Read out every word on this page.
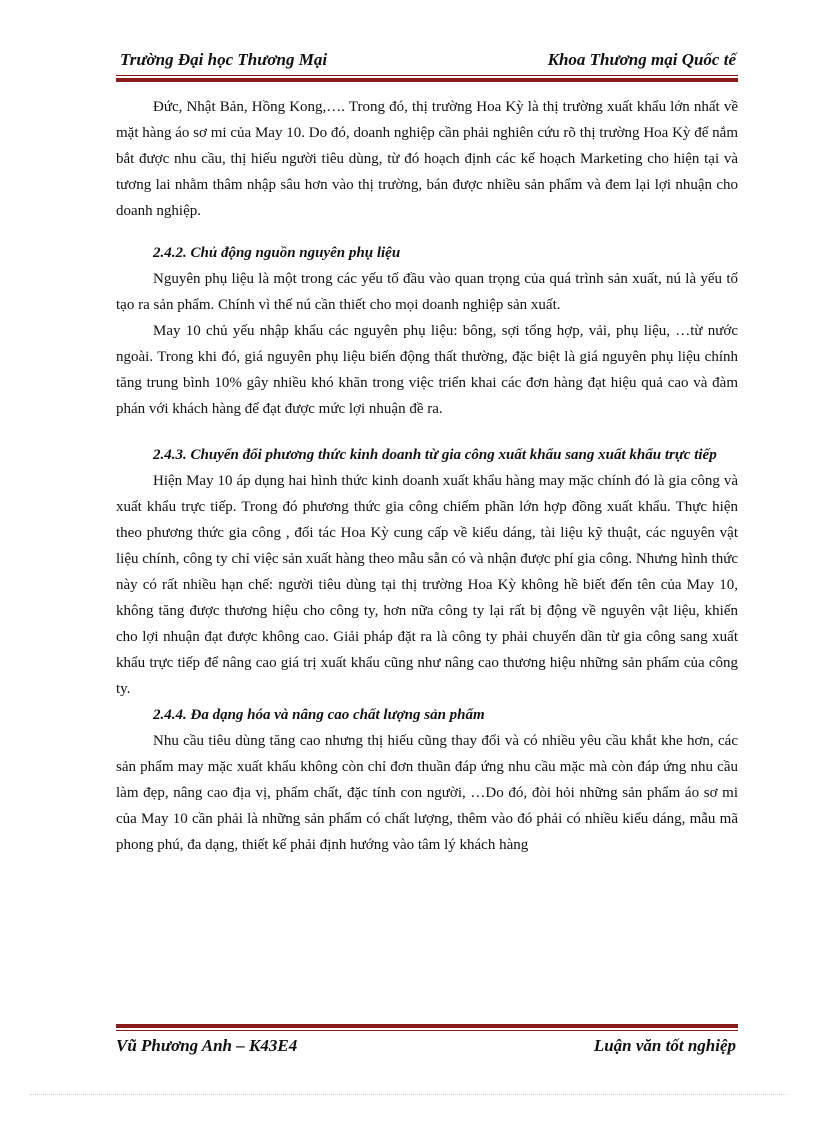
Trường Đại học Thương Mại	Khoa Thương mại Quốc tế

Đức, Nhật Bản, Hồng Kong,…. Trong đó, thị trường Hoa Kỳ là thị trường xuất khẩu lớn nhất về mặt hàng áo sơ mi của May 10. Do đó, doanh nghiệp cần phải nghiên cứu rõ thị trường Hoa Kỳ để nắm bắt được nhu cầu, thị hiếu người tiêu dùng, từ đó hoạch định các kế hoạch Marketing cho hiện tại và tương lai nhằm thâm nhập sâu hơn vào thị trường, bán được nhiều sản phẩm và đem lại lợi nhuận cho doanh nghiệp.

2.4.2. Chủ động nguồn nguyên phụ liệu

Nguyên phụ liệu là một trong các yếu tố đầu vào quan trọng của quá trình sản xuất, nú là yếu tố tạo ra sản phẩm. Chính vì thế nú cần thiết cho mọi doanh nghiệp sản xuất.

May 10 chủ yếu nhập khẩu các nguyên phụ liệu: bông, sợi tổng hợp, vải, phụ liệu, …từ nước ngoài. Trong khi đó, giá nguyên phụ liệu biến động thất thường, đặc biệt là giá nguyên phụ liệu chính tăng trung bình 10% gây nhiều khó khăn trong việc triển khai các đơn hàng đạt hiệu quả cao và đàm phán với khách hàng để đạt được mức lợi nhuận đề ra.

2.4.3. Chuyển đổi phương thức kinh doanh từ gia công xuất khẩu sang xuất khẩu trực tiếp

Hiện May 10 áp dụng hai hình thức kinh doanh xuất khẩu hàng may mặc chính đó là gia công và xuất khẩu trực tiếp. Trong đó phương thức gia công chiếm phần lớn hợp đồng xuất khẩu. Thực hiện theo phương thức gia công , đối tác Hoa Kỳ cung cấp về kiểu dáng, tài liệu kỹ thuật, các nguyên vật liệu chính, công ty chỉ việc sản xuất hàng theo mẫu sẵn có và nhận được phí gia công. Nhưng hình thức này có rất nhiều hạn chế: người tiêu dùng tại thị trường Hoa Kỳ không hề biết đến tên của May 10, không tăng được thương hiệu cho công ty, hơn nữa công ty lại rất bị động về nguyên vật liệu, khiến cho lợi nhuận đạt được không cao. Giải pháp đặt ra là công ty phải chuyển dần từ gia công sang xuất khẩu trực tiếp để nâng cao giá trị xuất khẩu cũng như nâng cao thương hiệu những sản phẩm của công ty.

2.4.4. Đa dạng hóa và nâng cao chất lượng sản phẩm

Nhu cầu tiêu dùng tăng cao nhưng thị hiếu cũng thay đổi và có nhiều yêu cầu khắt khe hơn, các sản phẩm may mặc xuất khẩu không còn chỉ đơn thuần đáp ứng nhu cầu mặc mà còn đáp ứng nhu cầu làm đẹp, nâng cao địa vị, phẩm chất, đặc tính con người, …Do đó, đòi hỏi những sản phẩm áo sơ mi của May 10 cần phải là những sản phẩm có chất lượng, thêm vào đó phải có nhiều kiểu dáng, mẫu mã phong phú, đa dạng, thiết kế phải định hướng vào tâm lý khách hàng

Vũ Phương Anh – K43E4	Luận văn tốt nghiệp
